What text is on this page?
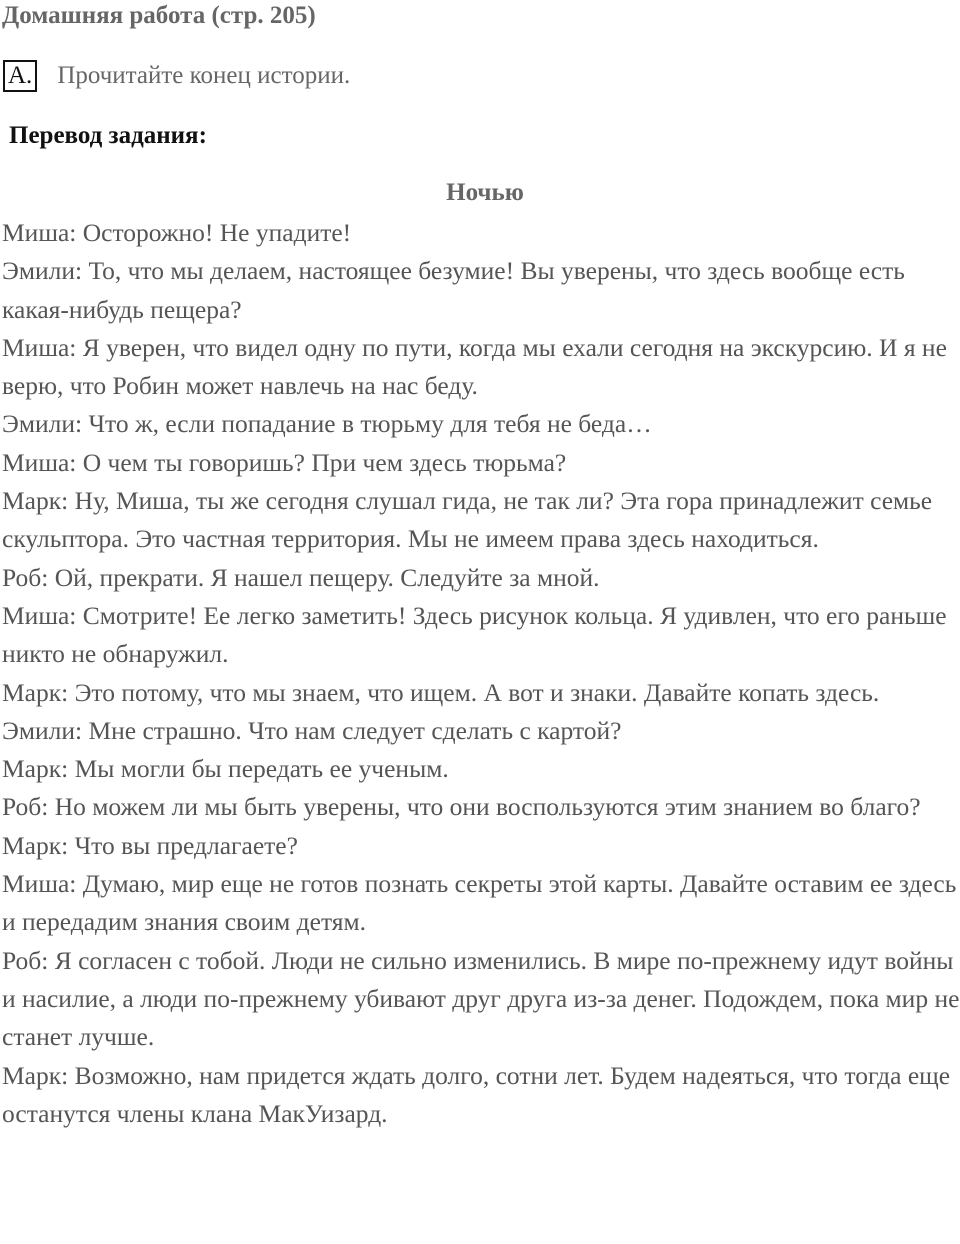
Домашняя работа (стр. 205)
A. Прочитайте конец истории.
Перевод задания:
Ночью

Миша: Осторожно! Не упадите!

Эмили: То, что мы делаем, настоящее безумие! Вы уверены, что здесь вообще есть какая-нибудь пещера?

Миша: Я уверен, что видел одну по пути, когда мы ехали сегодня на экскурсию. И я не верю, что Робин может навлечь на нас беду.

Эмили: Что ж, если попадание в тюрьму для тебя не беда…

Миша: О чем ты говоришь? При чем здесь тюрьма?

Марк: Ну, Миша, ты же сегодня слушал гида, не так ли? Эта гора принадлежит семье скульптора. Это частная территория. Мы не имеем права здесь находиться.

Роб: Ой, прекрати. Я нашел пещеру. Следуйте за мной.

Миша: Смотрите! Ее легко заметить! Здесь рисунок кольца. Я удивлен, что его раньше никто не обнаружил.

Марк: Это потому, что мы знаем, что ищем. А вот и знаки. Давайте копать здесь.

Эмили: Мне страшно. Что нам следует сделать с картой?

Марк: Мы могли бы передать ее ученым.

Роб: Но можем ли мы быть уверены, что они воспользуются этим знанием во благо?

Марк: Что вы предлагаете?

Миша: Думаю, мир еще не готов познать секреты этой карты. Давайте оставим ее здесь и передадим знания своим детям.

Роб: Я согласен с тобой. Люди не сильно изменились. В мире по-прежнему идут войны и насилие, а люди по-прежнему убивают друг друга из-за денег. Подождем, пока мир не станет лучше.

Марк: Возможно, нам придется ждать долго, сотни лет. Будем надеяться, что тогда еще останутся члены клана МакУизард.
